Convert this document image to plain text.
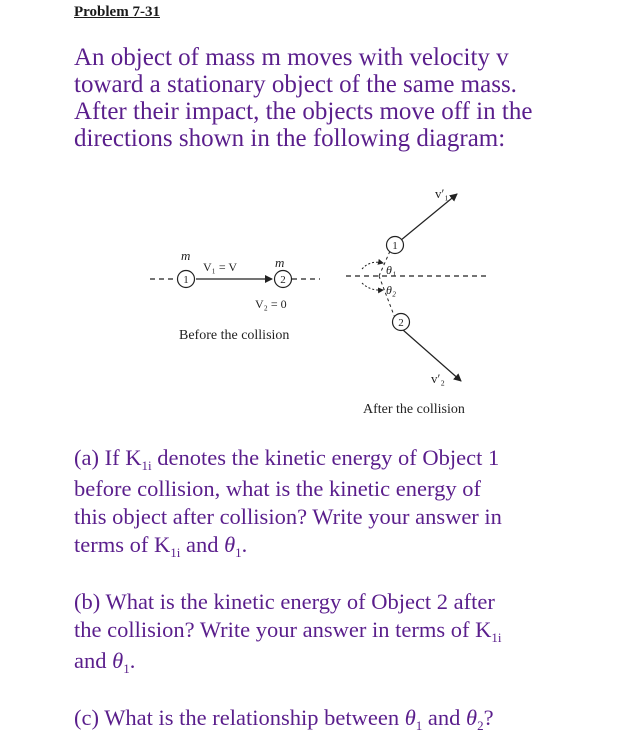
Problem 7-31
An object of mass m moves with velocity v
toward a stationary object of the same mass.
After their impact, the objects move off in the
directions shown in the following diagram:
m	m
1
V₁ = V
2
V₂ = 0
Before the collision
1
2
θ₁
θ₂
v′₁
v′₂
After the collision
(a) If $K_{1i}$ denotes the kinetic energy of Object 1
before collision, what is the kinetic energy of
this object after collision? Write your answer in
terms of $K_{1i}$ and $\theta_1$.
(b) What is the kinetic energy of Object 2 after
the collision? Write your answer in terms of $K_{1i}$
and $\theta_1$.
(c) What is the relationship between $\theta_1$ and $\theta_2$?
